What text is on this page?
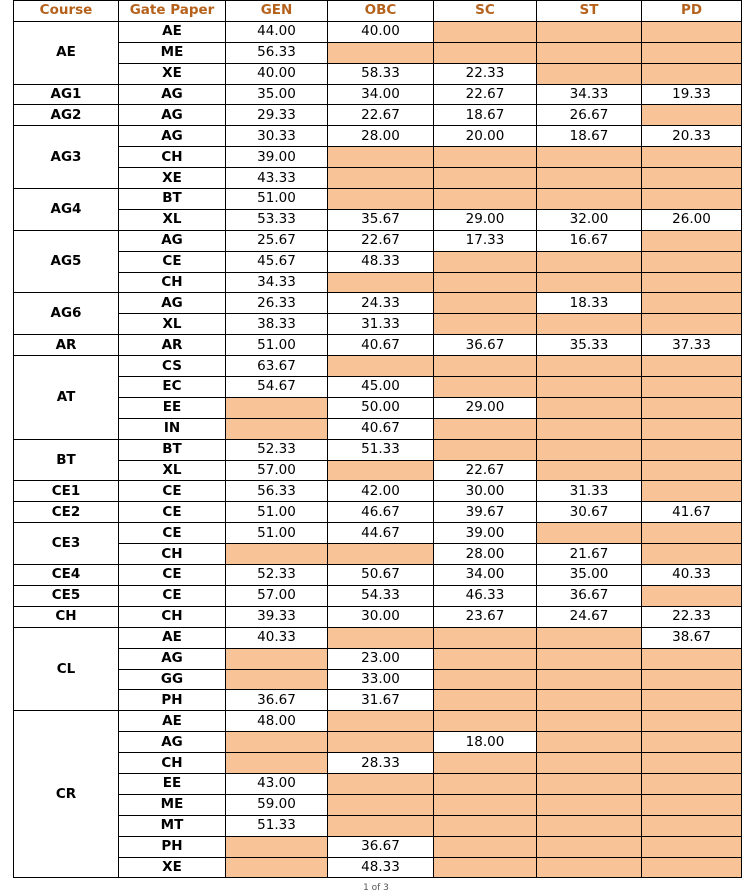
Course	Gate Paper	GEN	OBC	SC	ST	PD
AE	AE	44.00	40.00			
	ME	56.33				
	XE	40.00	58.33	22.33		
AG1	AG	35.00	34.00	22.67	34.33	19.33
AG2	AG	29.33	22.67	18.67	26.67	
AG3	AG	30.33	28.00	20.00	18.67	20.33
	CH	39.00				
	XE	43.33				
AG4	BT	51.00				
	XL	53.33	35.67	29.00	32.00	26.00
AG5	AG	25.67	22.67	17.33	16.67	
	CE	45.67	48.33			
	CH	34.33				
AG6	AG	26.33	24.33		18.33	
	XL	38.33	31.33			
AR	AR	51.00	40.67	36.67	35.33	37.33
AT	CS	63.67				
	EC	54.67	45.00			
	EE		50.00	29.00		
	IN		40.67			
BT	BT	52.33	51.33			
	XL	57.00		22.67		
CE1	CE	56.33	42.00	30.00	31.33	
CE2	CE	51.00	46.67	39.67	30.67	41.67
CE3	CE	51.00	44.67	39.00		
	CH			28.00	21.67	
CE4	CE	52.33	50.67	34.00	35.00	40.33
CE5	CE	57.00	54.33	46.33	36.67	
CH	CH	39.33	30.00	23.67	24.67	22.33
CL	AE	40.33				38.67
	AG		23.00			
	GG		33.00			
	PH	36.67	31.67			
CR	AE	48.00				
	AG			18.00		
	CH		28.33			
	EE	43.00				
	ME	59.00				
	MT	51.33				
	PH		36.67			
	XE		48.33			
1 of 3
